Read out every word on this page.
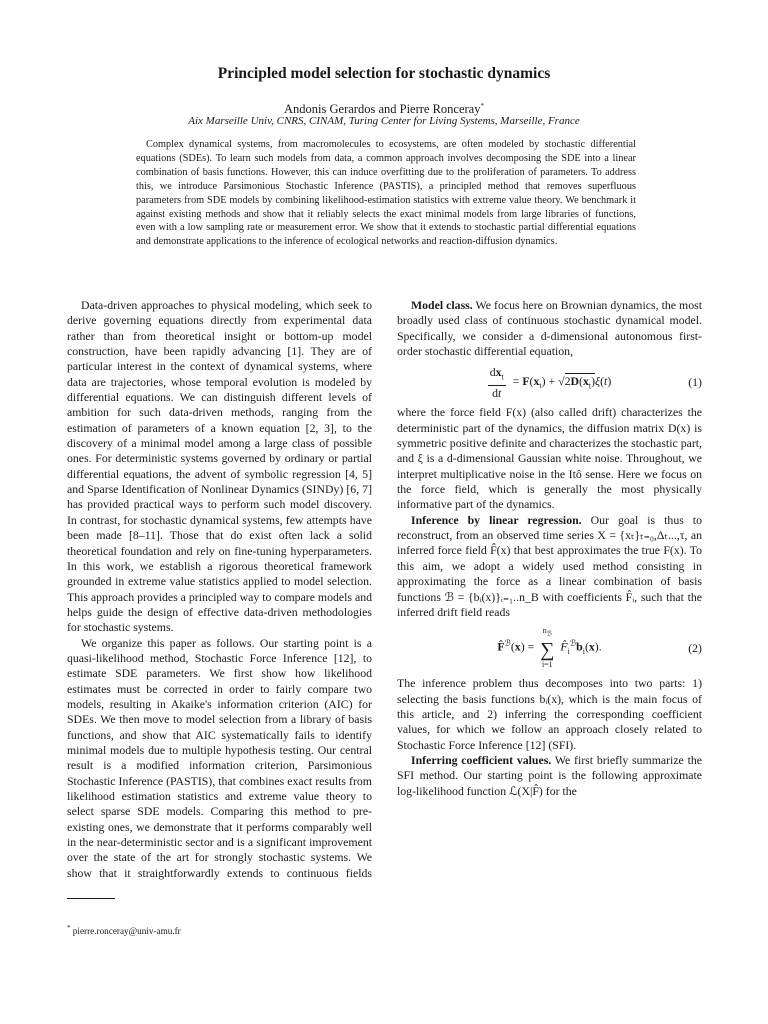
Principled model selection for stochastic dynamics
Andonis Gerardos and Pierre Ronceray*
Aix Marseille Univ, CNRS, CINAM, Turing Center for Living Systems, Marseille, France
Complex dynamical systems, from macromolecules to ecosystems, are often modeled by stochastic differential equations (SDEs). To learn such models from data, a common approach involves decomposing the SDE into a linear combination of basis functions. However, this can induce overfitting due to the proliferation of parameters. To address this, we introduce Parsimonious Stochastic Inference (PASTIS), a principled method that removes superfluous parameters from SDE models by combining likelihood-estimation statistics with extreme value theory. We benchmark it against existing methods and show that it reliably selects the exact minimal models from large libraries of functions, even with a low sampling rate or measurement error. We show that it extends to stochastic partial differential equations and demonstrate applications to the inference of ecological networks and reaction-diffusion dynamics.

Data-driven approaches to physical modeling, which seek to derive governing equations directly from experimental data rather than from theoretical insight or bottom-up model construction, have been rapidly advancing [1]. They are of particular interest in the context of dynamical systems, where data are trajectories, whose temporal evolution is modeled by differential equations. We can distinguish different levels of ambition for such data-driven methods, ranging from the estimation of parameters of a known equation [2, 3], to the discovery of a minimal model among a large class of possible ones. For deterministic systems governed by ordinary or partial differential equations, the advent of symbolic regression [4, 5] and Sparse Identification of Nonlinear Dynamics (SINDy) [6, 7] has provided practical ways to perform such model discovery. In contrast, for stochastic dynamical systems, few attempts have been made [8–11]. Those that do exist often lack a solid theoretical foundation and rely on fine-tuning hyperparameters. In this work, we establish a rigorous theoretical framework grounded in extreme value statistics applied to model selection. This approach provides a principled way to compare models and helps guide the design of effective data-driven methodologies for stochastic systems.

We organize this paper as follows. Our starting point is a quasi-likelihood method, Stochastic Force Inference [12], to estimate SDE parameters. We first show how likelihood estimates must be corrected in order to fairly compare two models, resulting in Akaike's information criterion (AIC) for SDEs. We then move to model selection from a library of basis functions, and show that AIC systematically fails to identify minimal models due to multiple hypothesis testing. Our central result is a modified information criterion, Parsimonious Stochastic Inference (PASTIS), that combines exact results from likelihood estimation statistics and extreme value theory to select sparse SDE models. Comparing this method to pre-existing ones, we demonstrate that it performs comparably well in the near-deterministic sector and is a significant improvement over the state of the art for strongly stochastic systems. We show that it straightforwardly extends to continuous fields

Model class. We focus here on Brownian dynamics, the most broadly used class of continuous stochastic dynamical model. Specifically, we consider a d-dimensional autonomous first-order stochastic differential equation,

$\frac{dx_t}{dt} = F(x_t) + √2D(x_t)\xi(t)$	(1)

where the force field F(x) (also called drift) characterizes the deterministic part of the dynamics, the diffusion matrix D(x) is symmetric positive definite and characterizes the stochastic part, and ξ is a d-dimensional Gaussian white noise. Throughout, we interpret multiplicative noise in the Itô sense. Here we focus on the force field, which is generally the most physically informative part of the dynamics.

Inference by linear regression. Our goal is thus to reconstruct, from an observed time series X = {xₜ}ₜ₌₀,Δₜ...,τ, an inferred force field F̂(x) that best approximates the true F(x). To this aim, we adopt a widely used method consisting in approximating the force as a linear combination of basis functions ℬ = {bᵢ(x)}ᵢ₌₁..n_B with coefficients F̂ᵢ, such that the inferred drift field reads

F̂$^ℬ$(x) =
$n_ℬ$
∑
i=1
$F̂_i^ℬb_i(x)$.	(2)

The inference problem thus decomposes into two parts: 1) selecting the basis functions bᵢ(x), which is the main focus of this article, and 2) inferring the corresponding coefficient values, for which we follow an approach closely related to Stochastic Force Inference [12] (SFI).

Inferring coefficient values. We first briefly summarize the SFI method. Our starting point is the following approximate log-likelihood function ℒ(X|F̂) for the

* pierre.ronceray@univ-amu.fr
